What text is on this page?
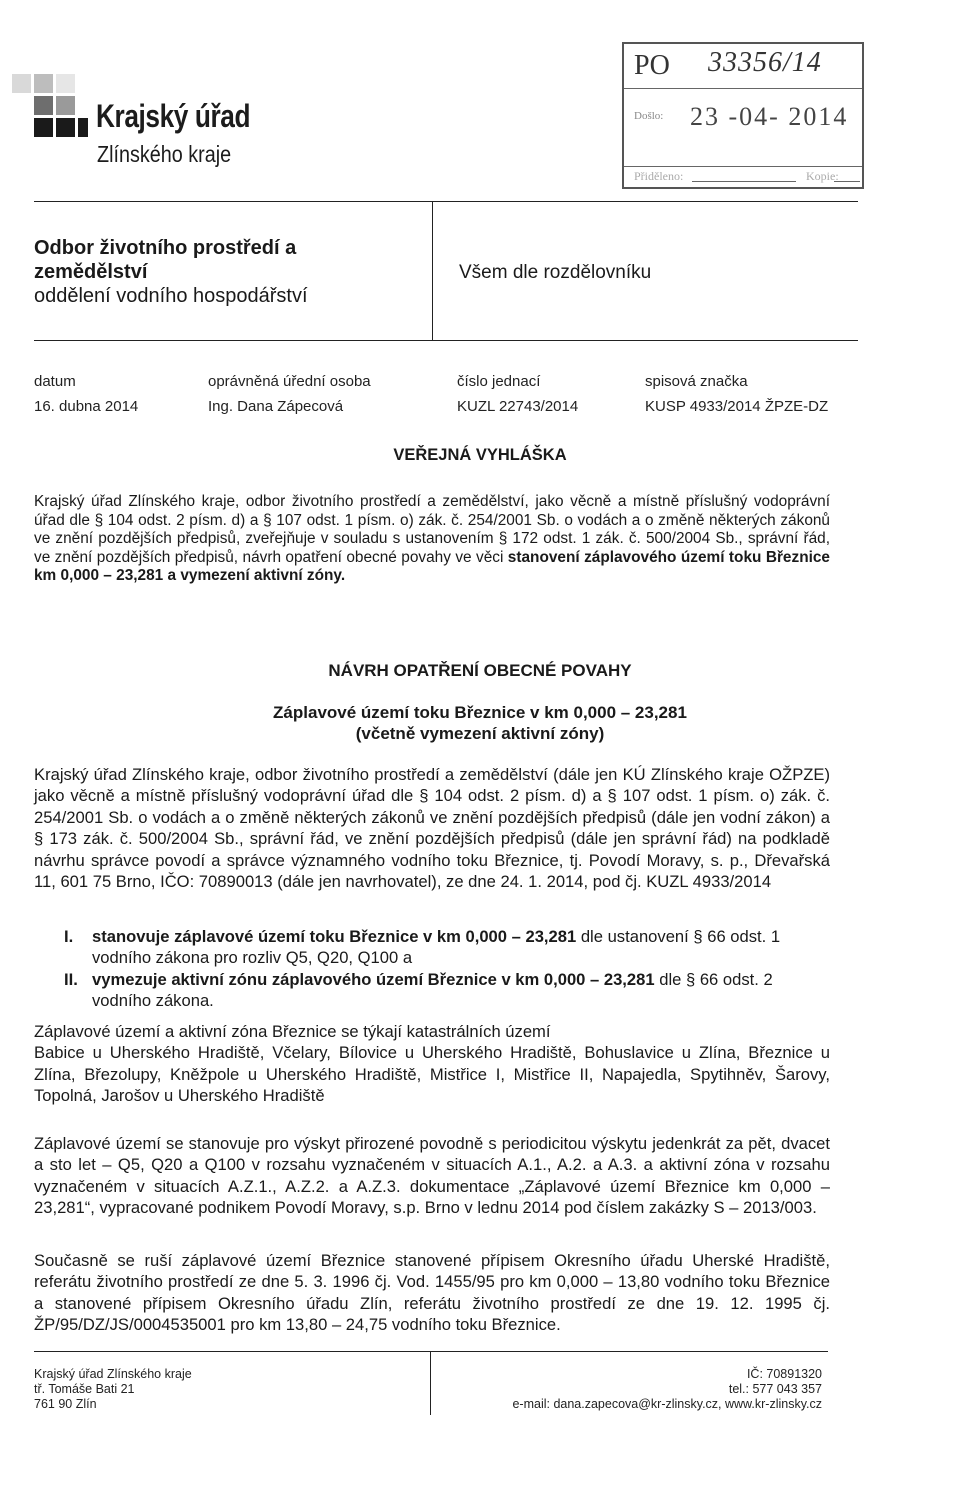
Krajský úřad
Zlínského kraje
PO 33356/14
Došlo: 23 -04- 2014
Přiděleno:	Kopie:
Odbor životního prostředí a
zemědělství
oddělení vodního hospodářství
Všem dle rozdělovníku
datum
16. dubna 2014
oprávněná úřední osoba
Ing. Dana Zápecová
číslo jednací
KUZL 22743/2014
spisová značka
KUSP 4933/2014 ŽPZE-DZ
VEŘEJNÁ VYHLÁŠKA

Krajský úřad Zlínského kraje, odbor životního prostředí a zemědělství, jako věcně a místně příslušný vodoprávní úřad dle § 104 odst. 2 písm. d) a § 107 odst. 1 písm. o) zák. č. 254/2001 Sb. o vodách a o změně některých zákonů ve znění pozdějších předpisů, zveřejňuje v souladu s ustanovením § 172 odst. 1 zák. č. 500/2004 Sb., správní řád, ve znění pozdějších předpisů, návrh opatření obecné povahy ve věci stanovení záplavového území toku Březnice km 0,000 – 23,281 a vymezení aktivní zóny.

NÁVRH OPATŘENÍ OBECNÉ POVAHY
Záplavové území toku Březnice v km 0,000 – 23,281
(včetně vymezení aktivní zóny)

Krajský úřad Zlínského kraje, odbor životního prostředí a zemědělství (dále jen KÚ Zlínského kraje OŽPZE) jako věcně a místně příslušný vodoprávní úřad dle § 104 odst. 2 písm. d) a § 107 odst. 1 písm. o) zák. č. 254/2001 Sb. o vodách a o změně některých zákonů ve znění pozdějších předpisů (dále jen vodní zákon) a § 173 zák. č. 500/2004 Sb., správní řád, ve znění pozdějších předpisů (dále jen správní řád) na podkladě návrhu správce povodí a správce významného vodního toku Březnice, tj. Povodí Moravy, s. p., Dřevařská 11, 601 75 Brno, IČO: 70890013 (dále jen navrhovatel), ze dne 24. 1. 2014, pod čj. KUZL 4933/2014

I. stanovuje záplavové území toku Březnice v km 0,000 – 23,281 dle ustanovení § 66 odst. 1 vodního zákona pro rozliv Q5, Q20, Q100 a
II. vymezuje aktivní zónu záplavového území Březnice v km 0,000 – 23,281 dle § 66 odst. 2 vodního zákona.

Záplavové území a aktivní zóna Březnice se týkají katastrálních území
Babice u Uherského Hradiště, Včelary, Bílovice u Uherského Hradiště, Bohuslavice u Zlína, Březnice u Zlína, Březolupy, Kněžpole u Uherského Hradiště, Mistřice I, Mistřice II, Napajedla, Spytihněv, Šarovy, Topolná, Jarošov u Uherského Hradiště

Záplavové území se stanovuje pro výskyt přirozené povodně s periodicitou výskytu jedenkrát za pět, dvacet a sto let – Q5, Q20 a Q100 v rozsahu vyznačeném v situacích A.1., A.2. a A.3. a aktivní zóna v rozsahu vyznačeném v situacích A.Z.1., A.Z.2. a A.Z.3. dokumentace „Záplavové území Březnice km 0,000 – 23,281“, vypracované podnikem Povodí Moravy, s.p. Brno v lednu 2014 pod číslem zakázky S – 2013/003.

Současně se ruší záplavové území Březnice stanovené přípisem Okresního úřadu Uherské Hradiště, referátu životního prostředí ze dne 5. 3. 1996 čj. Vod. 1455/95 pro km 0,000 – 13,80 vodního toku Březnice a stanovené přípisem Okresního úřadu Zlín, referátu životního prostředí ze dne 19. 12. 1995 čj. ŽP/95/DZ/JS/0004535001 pro km 13,80 – 24,75 vodního toku Březnice.

Krajský úřad Zlínského kraje
tř. Tomáše Bati 21
761 90 Zlín
IČ: 70891320
tel.: 577 043 357
e-mail: dana.zapecova@kr-zlinsky.cz, www.kr-zlinsky.cz
